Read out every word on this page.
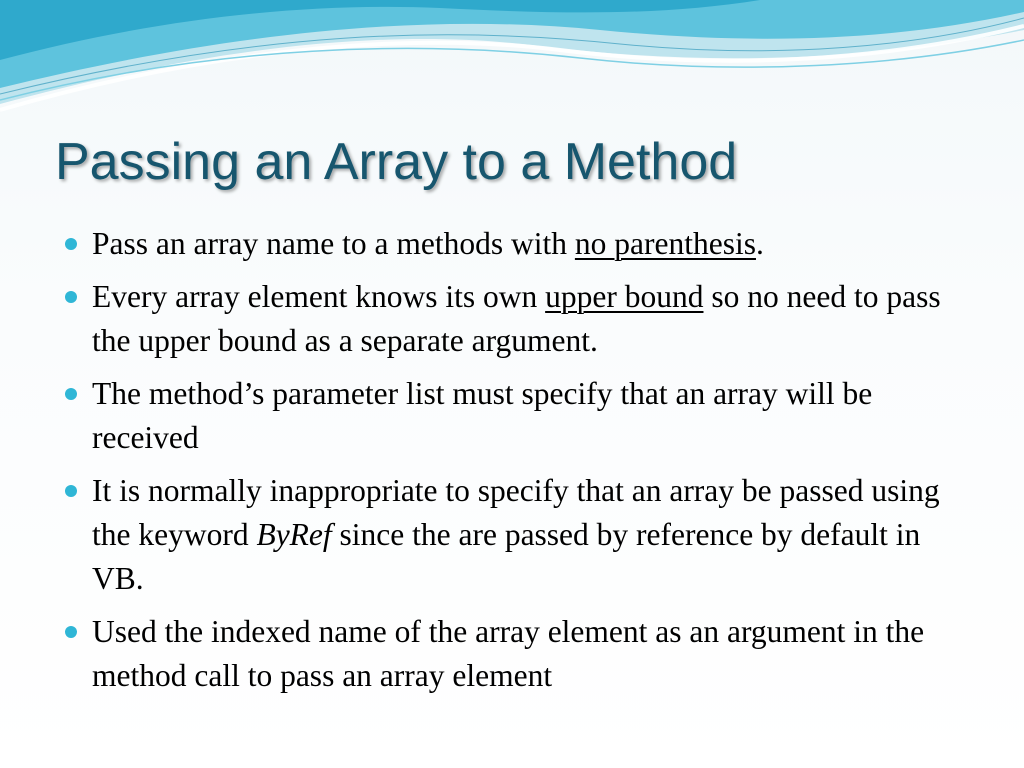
Passing an Array to a Method
Pass an array name to a methods with no parenthesis.
Every array element knows its own upper bound so no need to pass the upper bound as a separate argument.
The method’s parameter list must specify that an array will be received
It is normally inappropriate to specify that an array be passed using the keyword ByRef since the are passed by reference by default in VB.
Used the indexed name of the array element as an argument in the method call to pass an array element
